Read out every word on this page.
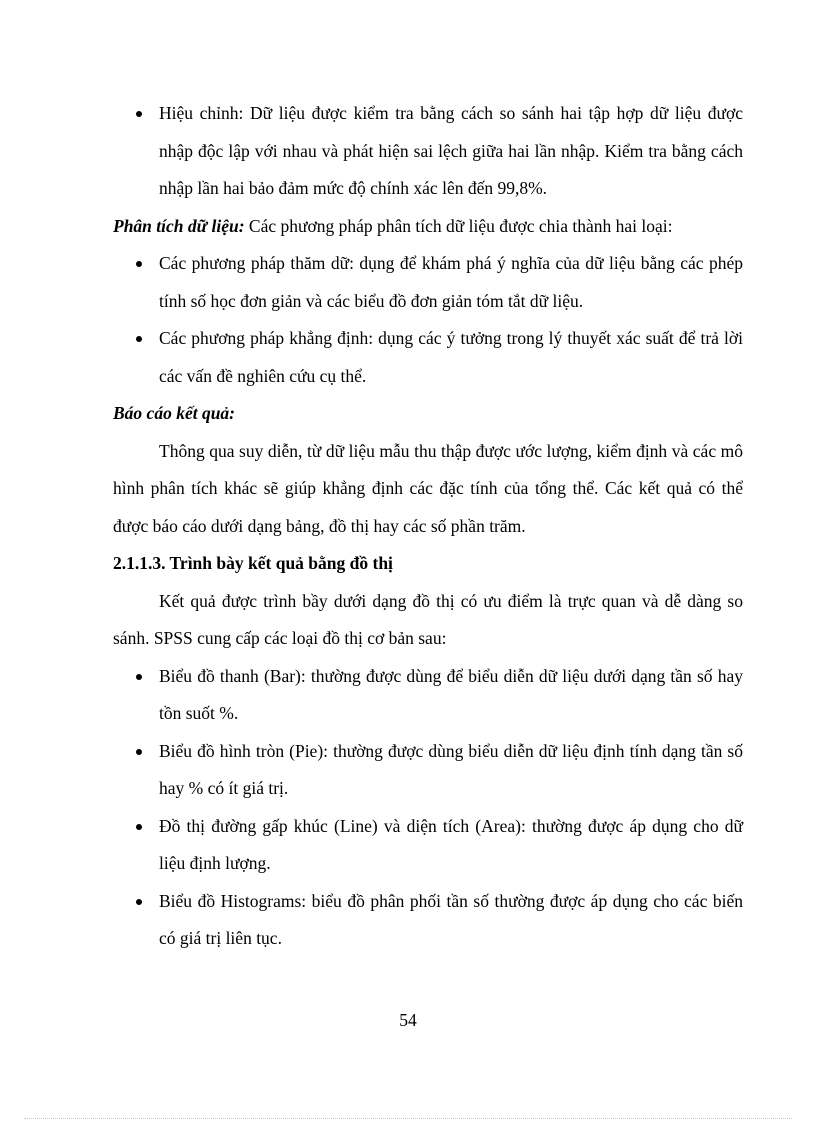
Hiệu chỉnh: Dữ liệu được kiểm tra bằng cách so sánh hai tập hợp dữ liệu được nhập độc lập với nhau và phát hiện sai lệch giữa hai lần nhập. Kiểm tra bằng cách nhập lần hai bảo đảm mức độ chính xác lên đến 99,8%.

Phân tích dữ liệu: Các phương pháp phân tích dữ liệu được chia thành hai loại:

Các phương pháp thăm dữ: dụng để khám phá ý nghĩa của dữ liệu bằng các phép tính số học đơn giản và các biểu đồ đơn giản tóm tắt dữ liệu.
Các phương pháp khẳng định: dụng các ý tưởng trong lý thuyết xác suất để trả lời các vấn đề nghiên cứu cụ thể.

Báo cáo kết quả:

Thông qua suy diễn, từ dữ liệu mẫu thu thập được ước lượng, kiểm định và các mô hình phân tích khác sẽ giúp khẳng định các đặc tính của tổng thể. Các kết quả có thể được báo cáo dưới dạng bảng, đồ thị hay các số phần trăm.

2.1.1.3. Trình bày kết quả bằng đồ thị

Kết quả được trình bầy dưới dạng đồ thị có ưu điểm là trực quan và dễ dàng so sánh. SPSS cung cấp các loại đồ thị cơ bản sau:

Biểu đồ thanh (Bar): thường được dùng để biểu diễn dữ liệu dưới dạng tần số hay tồn suốt %.
Biểu đồ hình tròn (Pie): thường được dùng biểu diễn dữ liệu định tính dạng tần số hay % có ít giá trị.
Đồ thị đường gấp khúc (Line) và diện tích (Area): thường được áp dụng cho dữ liệu định lượng.
Biểu đồ Histograms: biểu đồ phân phối tần số thường được áp dụng cho các biến có giá trị liên tục.
54
